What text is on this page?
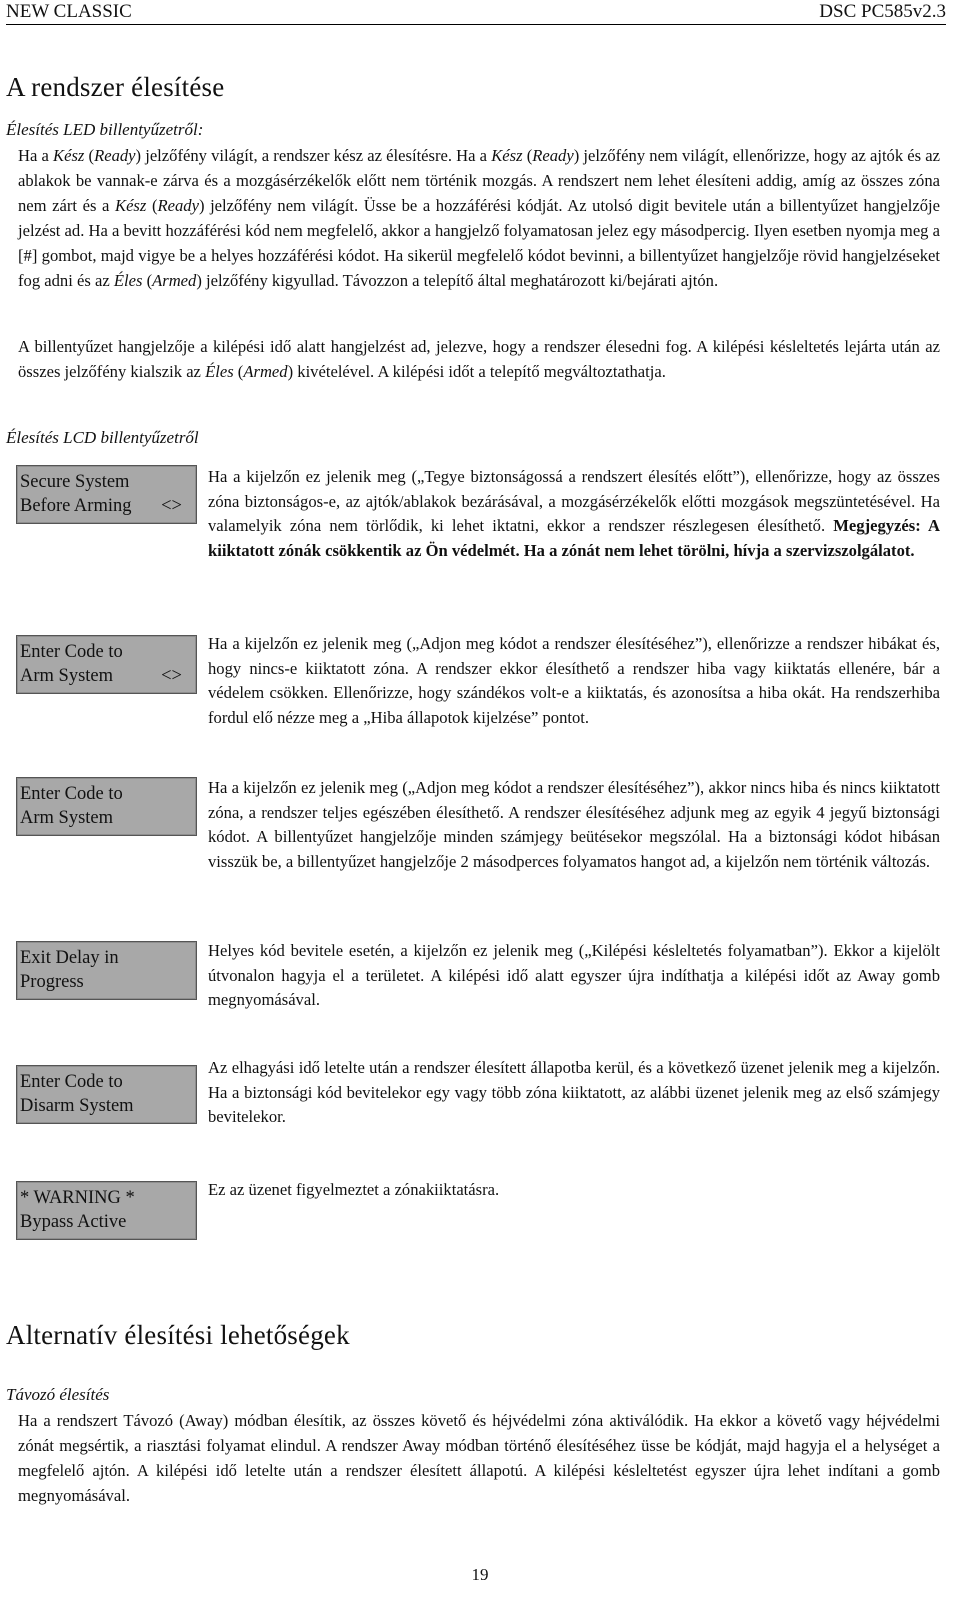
NEW CLASSIC	DSC PC585v2.3
A rendszer élesítése
Élesítés LED billentyűzetről:

Ha a Kész (Ready) jelzőfény világít, a rendszer kész az élesítésre. Ha a Kész (Ready) jelzőfény nem világít, ellenőrizze, hogy az ajtók és az ablakok be vannak-e zárva és a mozgásérzékelők előtt nem történik mozgás. A rendszert nem lehet élesíteni addig, amíg az összes zóna nem zárt és a Kész (Ready) jelzőfény nem világít. Üsse be a hozzáférési kódját. Az utolsó digit bevitele után a billentyűzet hangjelzője jelzést ad. Ha a bevitt hozzáférési kód nem megfelelő, akkor a hangjelző folyamatosan jelez egy másodpercig. Ilyen esetben nyomja meg a [#] gombot, majd vigye be a helyes hozzáférési kódot. Ha sikerül megfelelő kódot bevinni, a billentyűzet hangjelzője rövid hangjelzéseket fog adni és az Éles (Armed) jelzőfény kigyullad. Távozzon a telepítő által meghatározott ki/bejárati ajtón.

A billentyűzet hangjelzője a kilépési idő alatt hangjelzést ad, jelezve, hogy a rendszer élesedni fog. A kilépési késleltetés lejárta után az összes jelzőfény kialszik az Éles (Armed) kivételével. A kilépési időt a telepítő megváltoztathatja.

Élesítés LCD billentyűzetről
Secure System
Before Arming <>

Ha a kijelzőn ez jelenik meg („Tegye biztonságossá a rendszert élesítés előtt”), ellenőrizze, hogy az összes zóna biztonságos-e, az ajtók/ablakok bezárásával, a mozgásérzékelők előtti mozgások megszüntetésével. Ha valamelyik zóna nem törlődik, ki lehet iktatni, ekkor a rendszer részlegesen élesíthető. Megjegyzés: A kiiktatott zónák csökkentik az Ön védelmét. Ha a zónát nem lehet törölni, hívja a szervizszolgálatot.

Enter Code to
Arm System	<>

Ha a kijelzőn ez jelenik meg („Adjon meg kódot a rendszer élesítéséhez”), ellenőrizze a rendszer hibákat és, hogy nincs-e kiiktatott zóna. A rendszer ekkor élesíthető a rendszer hiba vagy kiiktatás ellenére, bár a védelem csökken. Ellenőrizze, hogy szándékos volt-e a kiiktatás, és azonosítsa a hiba okát. Ha rendszerhiba fordul elő nézze meg a „Hiba állapotok kijelzése” pontot.

Enter Code to
Arm System

Ha a kijelzőn ez jelenik meg („Adjon meg kódot a rendszer élesítéséhez”), akkor nincs hiba és nincs kiiktatott zóna, a rendszer teljes egészében élesíthető. A rendszer élesítéséhez adjunk meg az egyik 4 jegyű biztonsági kódot. A billentyűzet hangjelzője minden számjegy beütésekor megszólal. Ha a biztonsági kódot hibásan visszük be, a billentyűzet hangjelzője 2 másodperces folyamatos hangot ad, a kijelzőn nem történik változás.

Exit Delay in
Progress

Helyes kód bevitele esetén, a kijelzőn ez jelenik meg („Kilépési késleltetés folyamatban”). Ekkor a kijelölt útvonalon hagyja el a területet. A kilépési idő alatt egyszer újra indíthatja a kilépési időt az Away gomb megnyomásával.

Enter Code to
Disarm System

Az elhagyási idő letelte után a rendszer élesített állapotba kerül, és a következő üzenet jelenik meg a kijelzőn. Ha a biztonsági kód bevitelekor egy vagy több zóna kiiktatott, az alábbi üzenet jelenik meg az első számjegy bevitelekor.

* WARNING *
Bypass Active

Ez az üzenet figyelmeztet a zónakiiktatásra.

Alternatív élesítési lehetőségek
Távozó élesítés

Ha a rendszert Távozó (Away) módban élesítik, az összes követő és héjvédelmi zóna aktiválódik. Ha ekkor a követő vagy héjvédelmi zónát megsértik, a riasztási folyamat elindul. A rendszer Away módban történő élesítéséhez üsse be kódját, majd hagyja el a helységet a megfelelő ajtón. A kilépési idő letelte után a rendszer élesített állapotú. A kilépési késleltetést egyszer újra lehet indítani a gomb megnyomásával.

19
